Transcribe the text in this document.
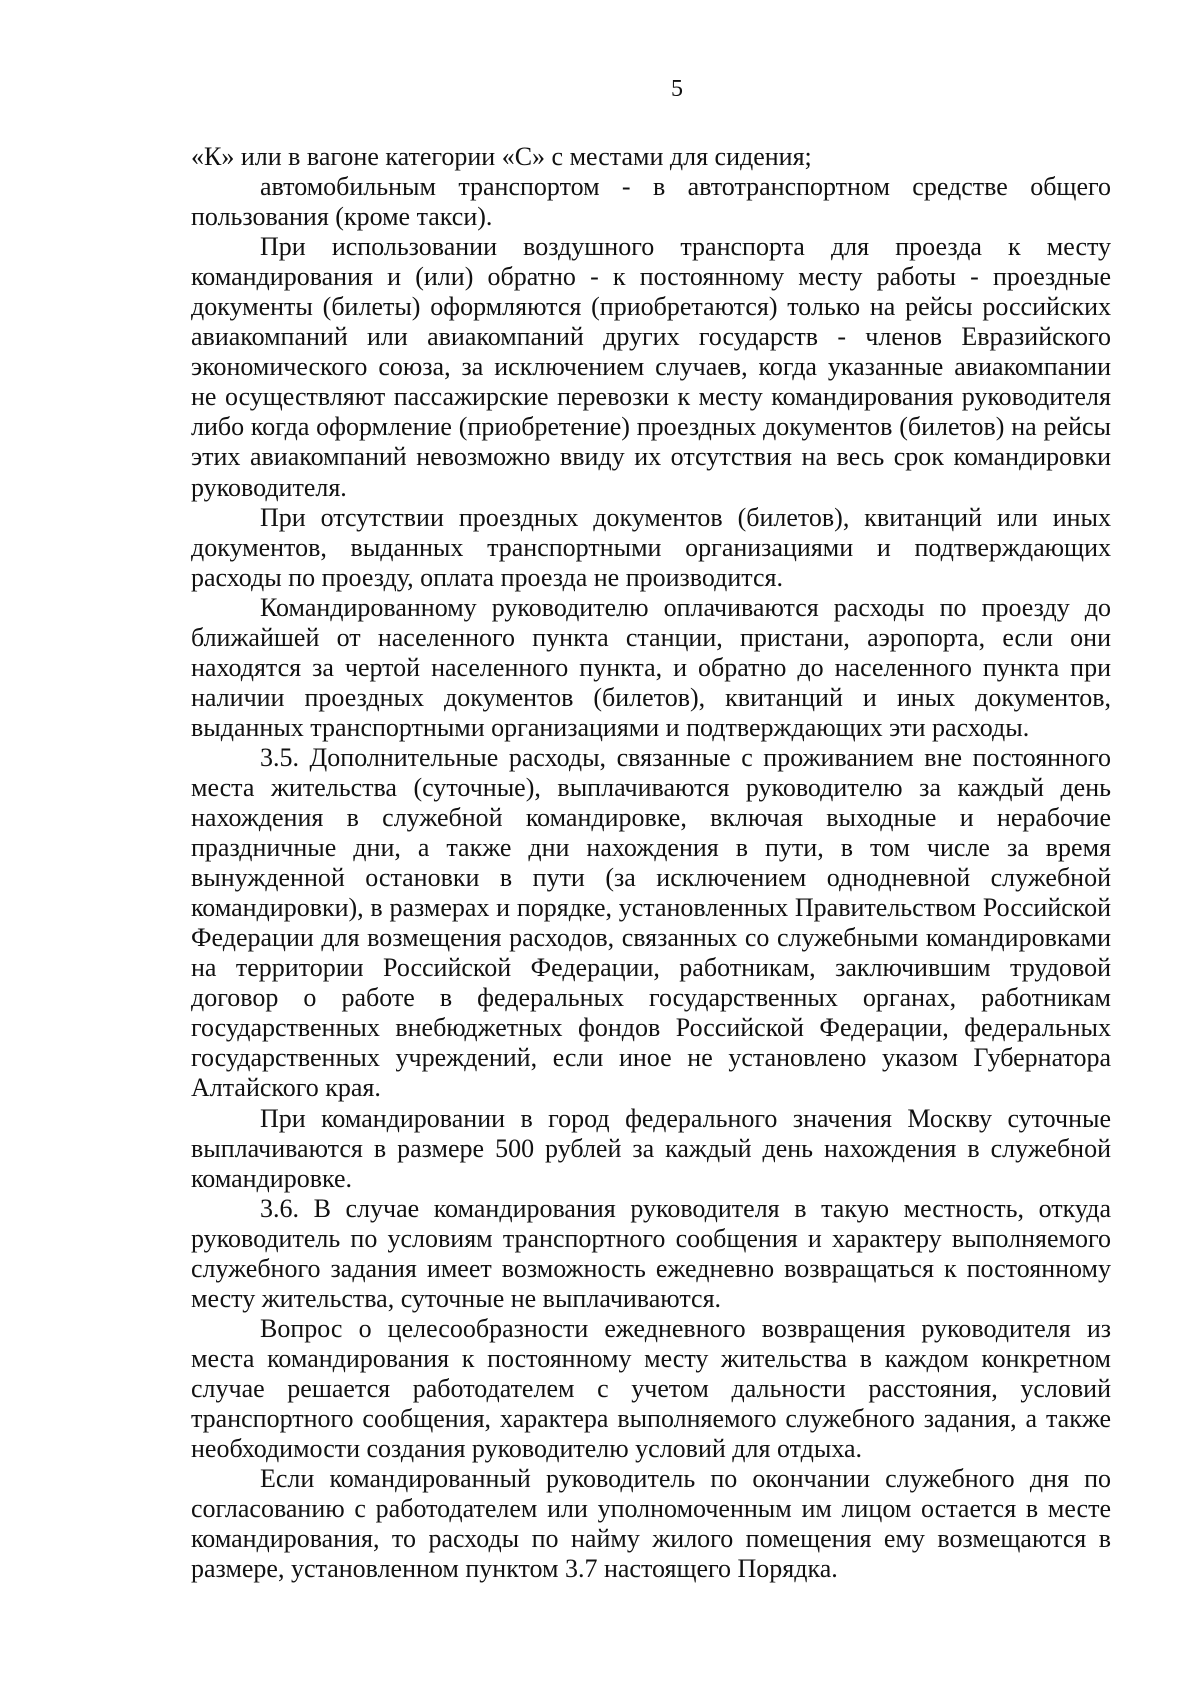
5

«К» или в вагоне категории «С» с местами для сидения;

автомобильным транспортом - в автотранспортном средстве общего пользования (кроме такси).

При использовании воздушного транспорта для проезда к месту командирования и (или) обратно - к постоянному месту работы - проездные документы (билеты) оформляются (приобретаются) только на рейсы российских авиакомпаний или авиакомпаний других государств - членов Евразийского экономического союза, за исключением случаев, когда указанные авиакомпании не осуществляют пассажирские перевозки к месту командирования руководителя либо когда оформление (приобретение) проездных документов (билетов) на рейсы этих авиакомпаний невозможно ввиду их отсутствия на весь срок командировки руководителя.

При отсутствии проездных документов (билетов), квитанций или иных документов, выданных транспортными организациями и подтверждающих расходы по проезду, оплата проезда не производится.

Командированному руководителю оплачиваются расходы по проезду до ближайшей от населенного пункта станции, пристани, аэропорта, если они находятся за чертой населенного пункта, и обратно до населенного пункта при наличии проездных документов (билетов), квитанций и иных документов, выданных транспортными организациями и подтверждающих эти расходы.

3.5. Дополнительные расходы, связанные с проживанием вне постоянного места жительства (суточные), выплачиваются руководителю за каждый день нахождения в служебной командировке, включая выходные и нерабочие праздничные дни, а также дни нахождения в пути, в том числе за время вынужденной остановки в пути (за исключением однодневной служебной командировки), в размерах и порядке, установленных Правительством Российской Федерации для возмещения расходов, связанных со служебными командировками на территории Российской Федерации, работникам, заключившим трудовой договор о работе в федеральных государственных органах, работникам государственных внебюджетных фондов Российской Федерации, федеральных государственных учреждений, если иное не установлено указом Губернатора Алтайского края.

При командировании в город федерального значения Москву суточные выплачиваются в размере 500 рублей за каждый день нахождения в служебной командировке.

3.6. В случае командирования руководителя в такую местность, откуда руководитель по условиям транспортного сообщения и характеру выполняемого служебного задания имеет возможность ежедневно возвращаться к постоянному месту жительства, суточные не выплачиваются.

Вопрос о целесообразности ежедневного возвращения руководителя из места командирования к постоянному месту жительства в каждом конкретном случае решается работодателем с учетом дальности расстояния, условий транспортного сообщения, характера выполняемого служебного задания, а также необходимости создания руководителю условий для отдыха.

Если командированный руководитель по окончании служебного дня по согласованию с работодателем или уполномоченным им лицом остается в месте командирования, то расходы по найму жилого помещения ему возмещаются в размере, установленном пунктом 3.7 настоящего Порядка.
